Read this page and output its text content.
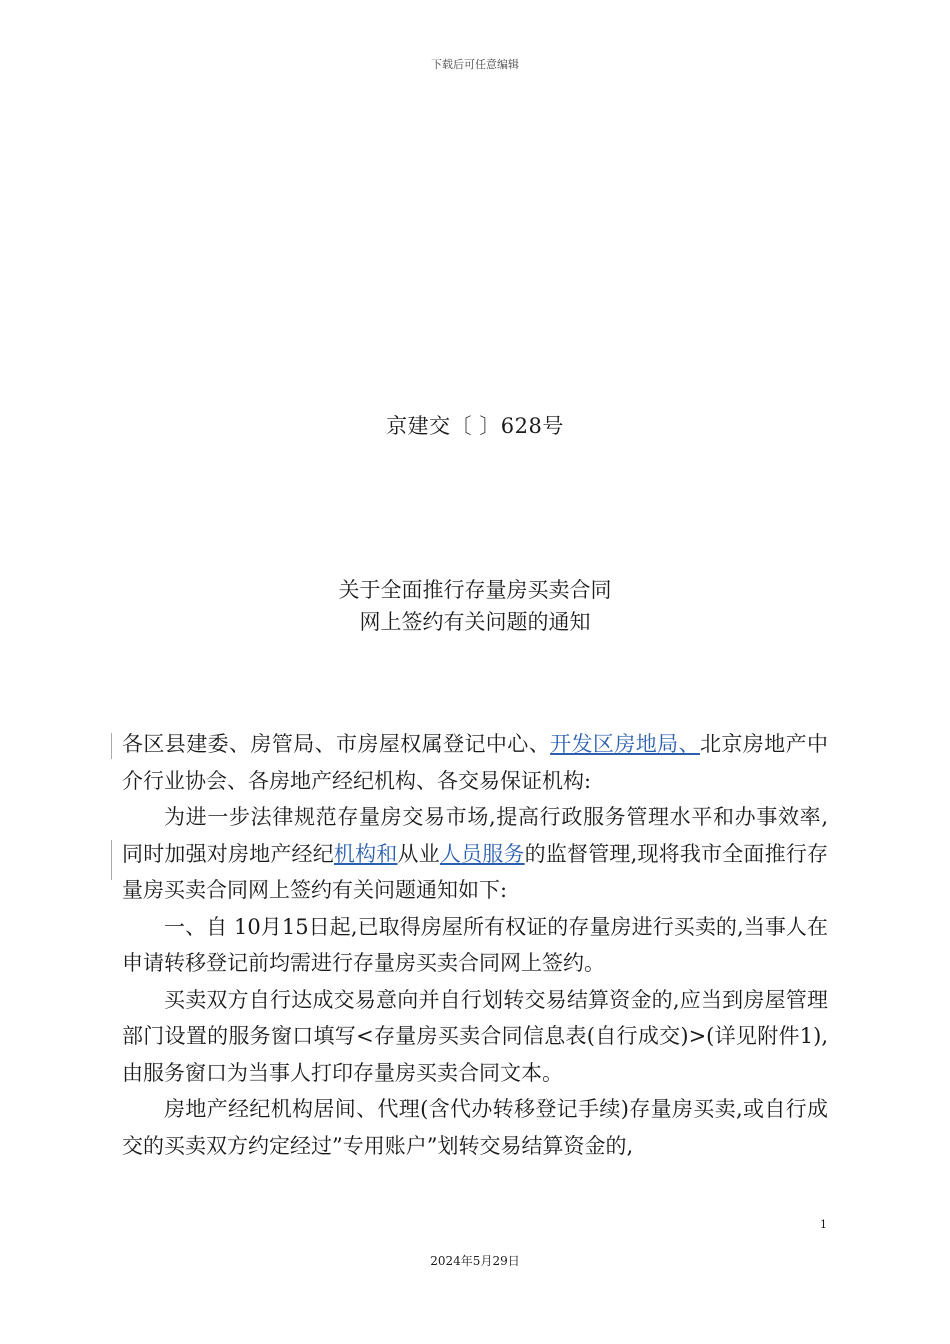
下载后可任意编辑
京建交〔 〕628号
关于全面推行存量房买卖合同
网上签约有关问题的通知

各区县建委、房管局、市房屋权属登记中心、开发区房地局、北京房地产中介行业协会、各房地产经纪机构、各交易保证机构:

为进一步法律规范存量房交易市场,提高行政服务管理水平和办事效率,同时加强对房地产经纪机构和从业人员服务的监督管理,现将我市全面推行存量房买卖合同网上签约有关问题通知如下:

一、自 10月15日起,已取得房屋所有权证的存量房进行买卖的,当事人在申请转移登记前均需进行存量房买卖合同网上签约。

买卖双方自行达成交易意向并自行划转交易结算资金的,应当到房屋管理部门设置的服务窗口填写<存量房买卖合同信息表(自行成交)>(详见附件1),由服务窗口为当事人打印存量房买卖合同文本。

房地产经纪机构居间、代理(含代办转移登记手续)存量房买卖,或自行成交的买卖双方约定经过”专用账户”划转交易结算资金的,

1
2024年5月29日
